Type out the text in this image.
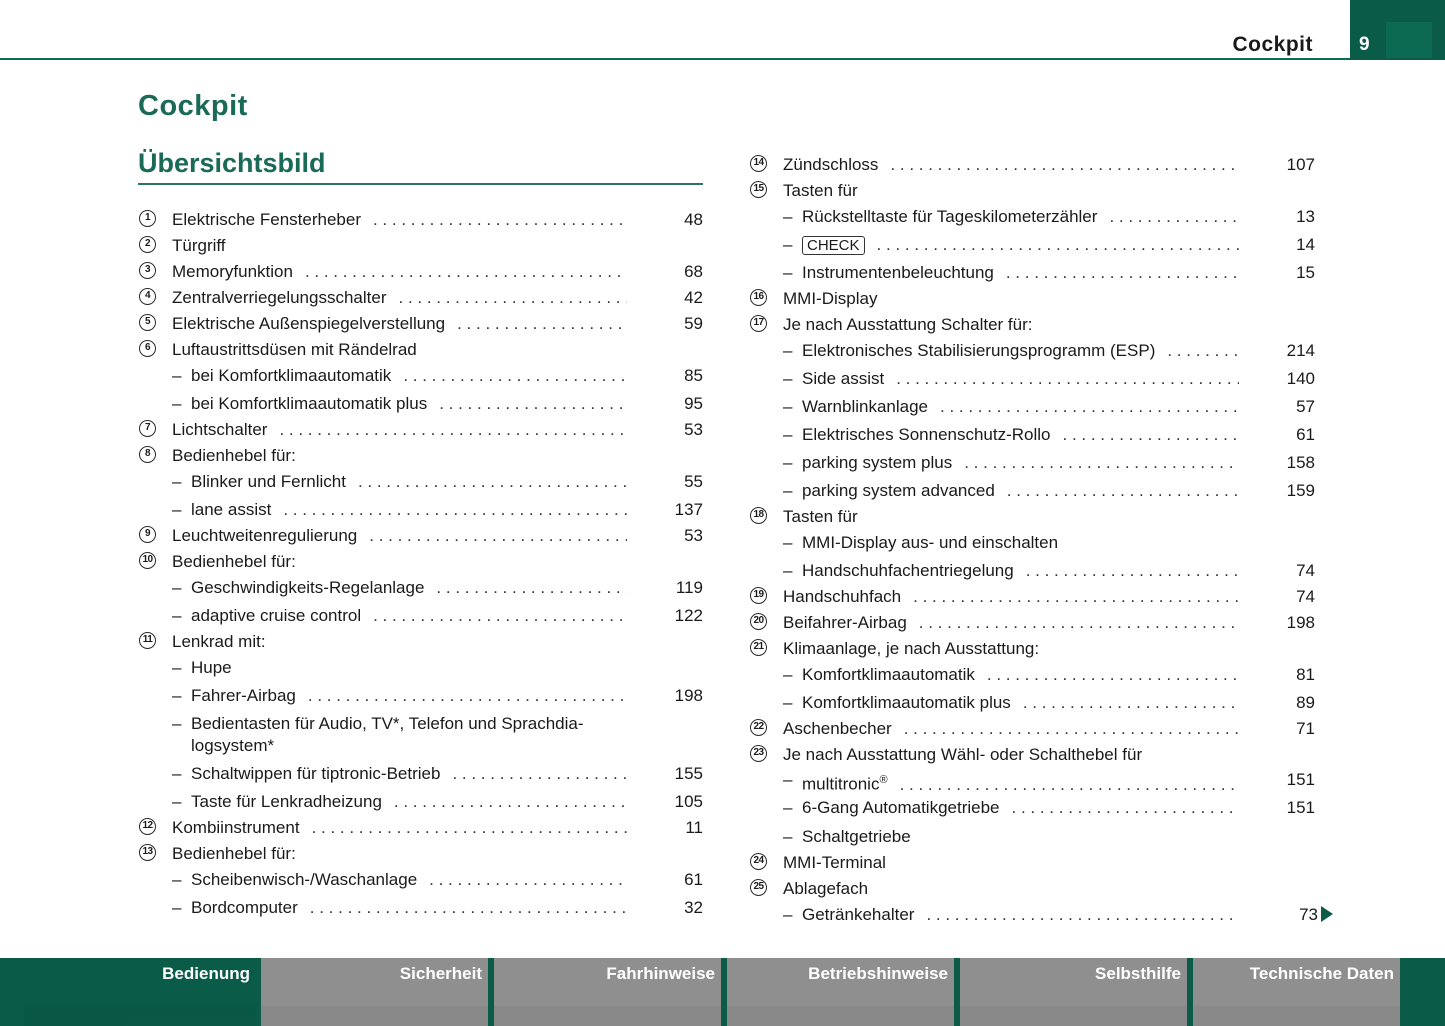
Cockpit 9
Cockpit
Übersichtsbild
1	Elektrische Fensterheber . . .	48
2	Türgriff
3	Memoryfunktion . . .	68
4	Zentralverriegelungsschalter . . .	42
5	Elektrische Außenspiegelverstellung . . .	59
6	Luftaustrittsdüsen mit Rändelrad
– bei Komfortklimaautomatik . . .	85
– bei Komfortklimaautomatik plus . . .	95
7	Lichtschalter . . .	53
8	Bedienhebel für:
– Blinker und Fernlicht . . .	55
– lane assist . . .	137
9	Leuchtweitenregulierung . . .	53
10 Bedienhebel für:
– Geschwindigkeits-Regelanlage . . .	119
– adaptive cruise control . . .	122
11 Lenkrad mit:
– Hupe
– Fahrer-Airbag . . .	198
– Bedientasten für Audio, TV*, Telefon und Sprachdia-
logsystem*
– Schaltwippen für tiptronic-Betrieb . . .	155
– Taste für Lenkradheizung . . .	105
12 Kombiinstrument . . .	11
13 Bedienhebel für:
– Scheibenwisch-/Waschanlage . . .	61
– Bordcomputer . . .	32
14 Zündschloss . . .	107
15 Tasten für
– Rückstelltaste für Tageskilometerzähler . . .	13
– CHECK . . .	14
– Instrumentenbeleuchtung . . .	15
16 MMI-Display
17 Je nach Ausstattung Schalter für:
– Elektronisches Stabilisierungsprogramm (ESP) . . .	214
– Side assist . . .	140
– Warnblinkanlage . . .	57
– Elektrisches Sonnenschutz-Rollo . . .	61
– parking system plus . . .	158
– parking system advanced . . .	159
18 Tasten für
– MMI-Display aus- und einschalten
– Handschuhfachentriegelung . . .	74
19 Handschuhfach . . .	74
20 Beifahrer-Airbag . . .	198
21 Klimaanlage, je nach Ausstattung:
– Komfortklimaautomatik . . .	81
– Komfortklimaautomatik plus . . .	89
22 Aschenbecher . . .	71
23 Je nach Ausstattung Wähl- oder Schalthebel für
– multitronic® . . .	151
– 6-Gang Automatikgetriebe . . .	151
– Schaltgetriebe
24 MMI-Terminal
25 Ablagefach
– Getränkehalter . . .	73
Bedienung	Sicherheit	Fahrhinweise	Betriebshinweise	Selbsthilfe	Technische Daten
